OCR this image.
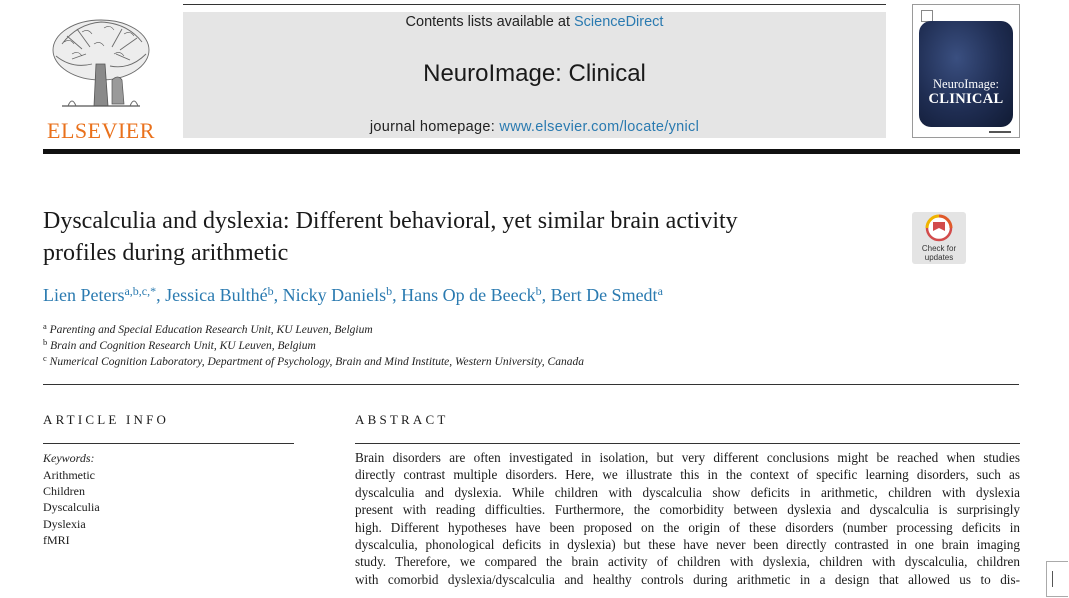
ELSEVIER
Contents lists available at ScienceDirect
NeuroImage: Clinical
journal homepage: www.elsevier.com/locate/ynicl
NeuroImage:
CLINICAL
Dyscalculia and dyslexia: Different behavioral, yet similar brain activity
profiles during arithmetic	Check for
updates
Lien Peters$^{a,b,c,*}$, Jessica Bulthé$^b$, Nicky Daniels$^b$, Hans Op de Beeck$^b$, Bert De Smedt$^a$
$^a$ Parenting and Special Education Research Unit, KU Leuven, Belgium
$^b$ Brain and Cognition Research Unit, KU Leuven, Belgium
$^c$ Numerical Cognition Laboratory, Department of Psychology, Brain and Mind Institute, Western University, Canada
ARTICLE INFO
Keywords:
Arithmetic
Children
Dyscalculia
Dyslexia
fMRI
ABSTRACT
Brain disorders are often investigated in isolation, but very different conclusions might be reached when studies
directly contrast multiple disorders. Here, we illustrate this in the context of specific learning disorders, such as
dyscalculia and dyslexia. While children with dyscalculia show deficits in arithmetic, children with dyslexia
present with reading difficulties. Furthermore, the comorbidity between dyslexia and dyscalculia is surprisingly
high. Different hypotheses have been proposed on the origin of these disorders (number processing deficits in
dyscalculia, phonological deficits in dyslexia) but these have never been directly contrasted in one brain imaging
study. Therefore, we compared the brain activity of children with dyslexia, children with dyscalculia, children
with comorbid dyslexia/dyscalculia and healthy controls during arithmetic in a design that allowed us to dis-
